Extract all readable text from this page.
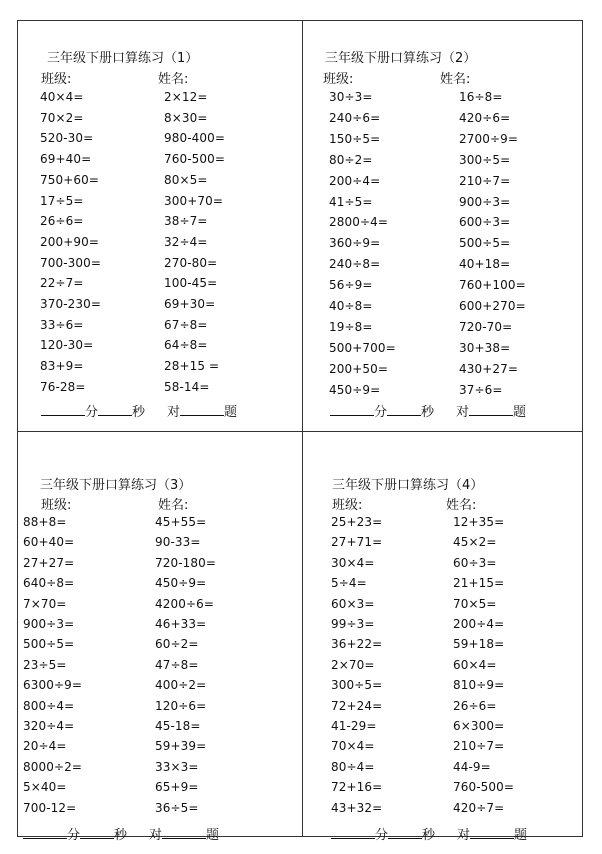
三年级下册口算练习（1）
班级:	姓名:
40×4=
70×2=
520-30=
69+40=
750+60=
17÷5=
26÷6=
200+90=
700-300=
22÷7=
370-230=
33÷6=
120-30=
83+9=
76-28=
2×12=
8×30=
980-400=
760-500=
80×5=
300+70=
38÷7=
32÷4=
270-80=
100-45=
69+30=
67÷8=
64÷8=
28+15 =
58-14=
分	秒 对	题
三年级下册口算练习（2）
班级:	姓名:
30÷3=
240÷6=
150÷5=
80÷2=
200÷4=
41÷5=
2800÷4=
360÷9=
240÷8=
56÷9=
40÷8=
19÷8=
500+700=
200+50=
450÷9=
16÷8=
420÷6=
2700÷9=
300÷5=
210÷7=
900÷3=
600÷3=
500÷5=
40+18=
760+100=
600+270=
720-70=
30+38=
430+27=
37÷6=
分	秒 对	题
三年级下册口算练习（3）
班级:	姓名:
88+8=
60+40=
27+27=
640÷8=
7×70=
900÷3=
500÷5=
23÷5=
6300÷9=
800÷4=
320÷4=
20÷4=
8000÷2=
5×40=
700-12=
45+55=
90-33=
720-180=
450÷9=
4200÷6=
46+33=
60÷2=
47÷8=
400÷2=
120÷6=
45-18=
59+39=
33×3=
65+9=
36÷5=
分	秒 对	题
三年级下册口算练习（4）
班级:	姓名:
25+23=
27+71=
30×4=
5÷4=
60×3=
99÷3=
36+22=
2×70=
300÷5=
72+24=
41-29=
70×4=
80÷4=
72+16=
43+32=
12+35=
45×2=
60÷3=
21+15=
70×5=
200÷4=
59+18=
60×4=
810÷9=
26÷6=
6×300=
210÷7=
44-9=
760-500=
420÷7=
分	秒 对	题
